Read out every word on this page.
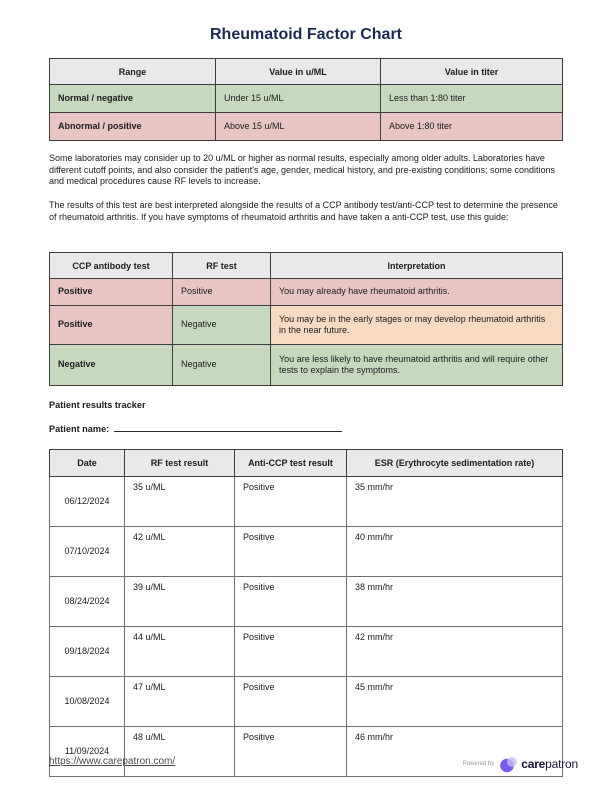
Rheumatoid Factor Chart
Range	Value in u/ML	Value in titer
Normal / negative	Under 15 u/ML	Less than 1:80 titer
Abnormal / positive	Above 15 u/ML	Above 1:80 titer

Some laboratories may consider up to 20 u/ML or higher as normal results, especially among older adults. Laboratories have different cutoff points, and also consider the patient's age, gender, medical history, and pre-existing conditions; some conditions and medical procedures cause RF levels to increase.

The results of this test are best interpreted alongside the results of a CCP antibody test/anti-CCP test to determine the presence of rheumatoid arthritis. If you have symptoms of rheumatoid arthritis and have taken a anti-CCP test, use this guide:

CCP antibody test	RF test	Interpretation
Positive	Positive	You may already have rheumatoid arthritis.
Positive	Negative	You may be in the early stages or may develop rheumatoid arthritis in the near future.
Negative	Negative	You are less likely to have rheumatoid arthritis and will require other tests to explain the symptoms.
Patient results tracker
Patient name:
Date	RF test result	Anti-CCP test result	ESR (Erythrocyte sedimentation rate)
06/12/2024	35 u/ML	Positive	35 mm/hr
07/10/2024	42 u/ML	Positive	40 mm/hr
08/24/2024	39 u/ML	Positive	38 mm/hr
09/18/2024	44 u/ML	Positive	42 mm/hr
10/08/2024	47 u/ML	Positive	45 mm/hr
11/09/2024	48 u/ML	Positive	46 mm/hr
https://www.carepatron.com/	Powered by carepatron
